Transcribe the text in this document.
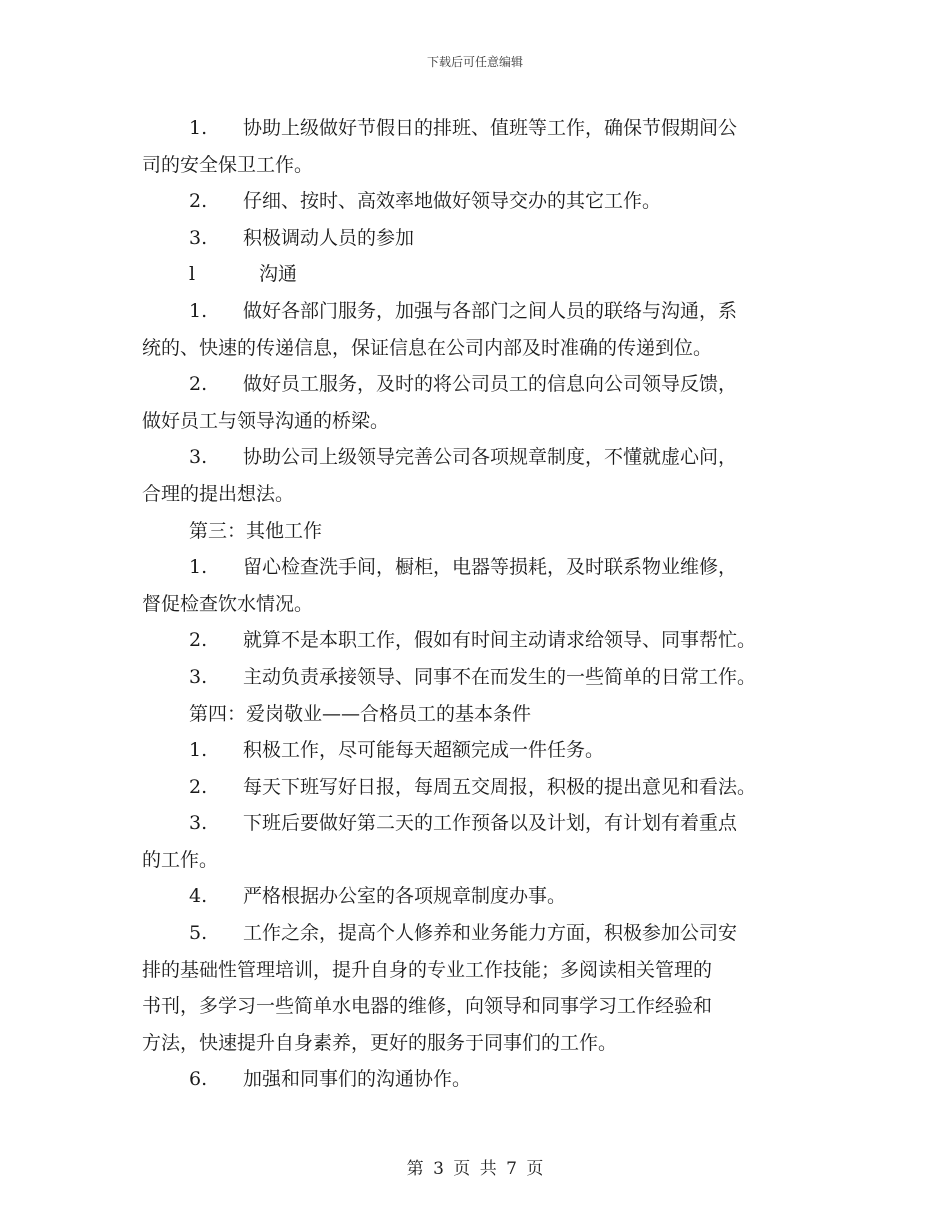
下载后可任意编辑
1. 协助上级做好节假日的排班、值班等工作，确保节假期间公
司的安全保卫工作。
2. 仔细、按时、高效率地做好领导交办的其它工作。
3. 积极调动人员的参加
l	沟通
1. 做好各部门服务，加强与各部门之间人员的联络与沟通，系
统的、快速的传递信息，保证信息在公司内部及时准确的传递到位。
2. 做好员工服务，及时的将公司员工的信息向公司领导反馈，
做好员工与领导沟通的桥梁。
3. 协助公司上级领导完善公司各项规章制度，不懂就虚心问，
合理的提出想法。
第三：其他工作
1. 留心检查洗手间，橱柜，电器等损耗，及时联系物业维修，
督促检查饮水情况。
2. 就算不是本职工作，假如有时间主动请求给领导、同事帮忙。
3. 主动负责承接领导、同事不在而发生的一些简单的日常工作。
第四：爱岗敬业——合格员工的基本条件
1. 积极工作，尽可能每天超额完成一件任务。
2. 每天下班写好日报，每周五交周报，积极的提出意见和看法。
3. 下班后要做好第二天的工作预备以及计划，有计划有着重点
的工作。
4. 严格根据办公室的各项规章制度办事。
5. 工作之余，提高个人修养和业务能力方面，积极参加公司安
排的基础性管理培训，提升自身的专业工作技能；多阅读相关管理的
书刊，多学习一些简单水电器的维修，向领导和同事学习工作经验和
方法，快速提升自身素养，更好的服务于同事们的工作。
6. 加强和同事们的沟通协作。
第 3 页 共 7 页
